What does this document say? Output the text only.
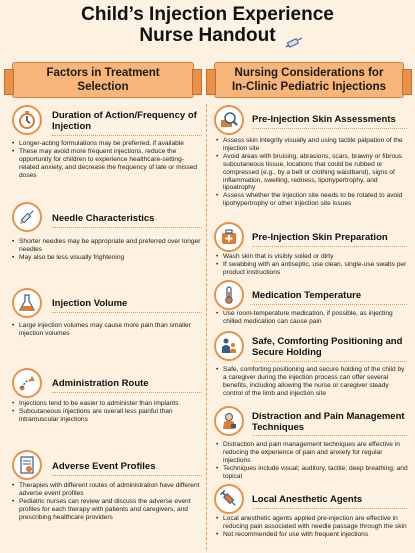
Child’s Injection Experience
Nurse Handout
Factors in Treatment
Selection
Nursing Considerations for
In-Clinic Pediatric Injections
Duration of Action/Frequency of Injection
• Longer-acting formulations may be preferred, if available
• These may avoid more frequent injections, reduce the opportunity for children to experience healthcare-setting-related anxiety, and decrease the frequency of late or missed doses
Needle Characteristics
• Shorter needles may be appropriate and preferred over longer needles
• May also be less visually frightening
Injection Volume
• Large injection volumes may cause more pain than smaller injection volumes
Administration Route
• Injections tend to be easier to administer than implants
• Subcutaneous injections are overall less painful than intramuscular injections
Adverse Event Profiles
• Therapies with different routes of administration have different adverse event profiles
• Pediatric nurses can review and discuss the adverse event profiles for each therapy with patients and caregivers, and prescribing healthcare providers
Pre-Injection Skin Assessments
• Assess skin integrity visually and using tactile palpation of the injection site
• Avoid areas with bruising, abrasions, scars, brawny or fibrous subcutaneous tissue, locations that could be rubbed or compressed (e.g., by a belt or clothing waistband), signs of inflammation, swelling, redness, lipohypertrophy, and lipoatrophy
• Assess whether the injection site needs to be rotated to avoid lipohypertrophy or other injection site issues
Pre-Injection Skin Preparation
• Wash skin that is visibly soiled or dirty
• If swabbing with an antiseptic, use clean, single-use swabs per product instructions
Medication Temperature
• Use room-temperature medication, if possible, as injecting chilled medication can cause pain
Safe, Comforting Positioning and Secure Holding
• Safe, comforting positioning and secure holding of the child by a caregiver during the injection process can offer several benefits, including allowing the nurse or caregiver steady control of the limb and injection site
Distraction and Pain Management Techniques
• Distraction and pain management techniques are effective in reducing the experience of pain and anxiety for regular injections
• Techniques include visual; auditory, tactile; deep breathing; and topical
Local Anesthetic Agents
• Local anesthetic agents applied pre-injection are effective in reducing pain associated with needle passage through the skin
• Not recommended for use with frequent injections
